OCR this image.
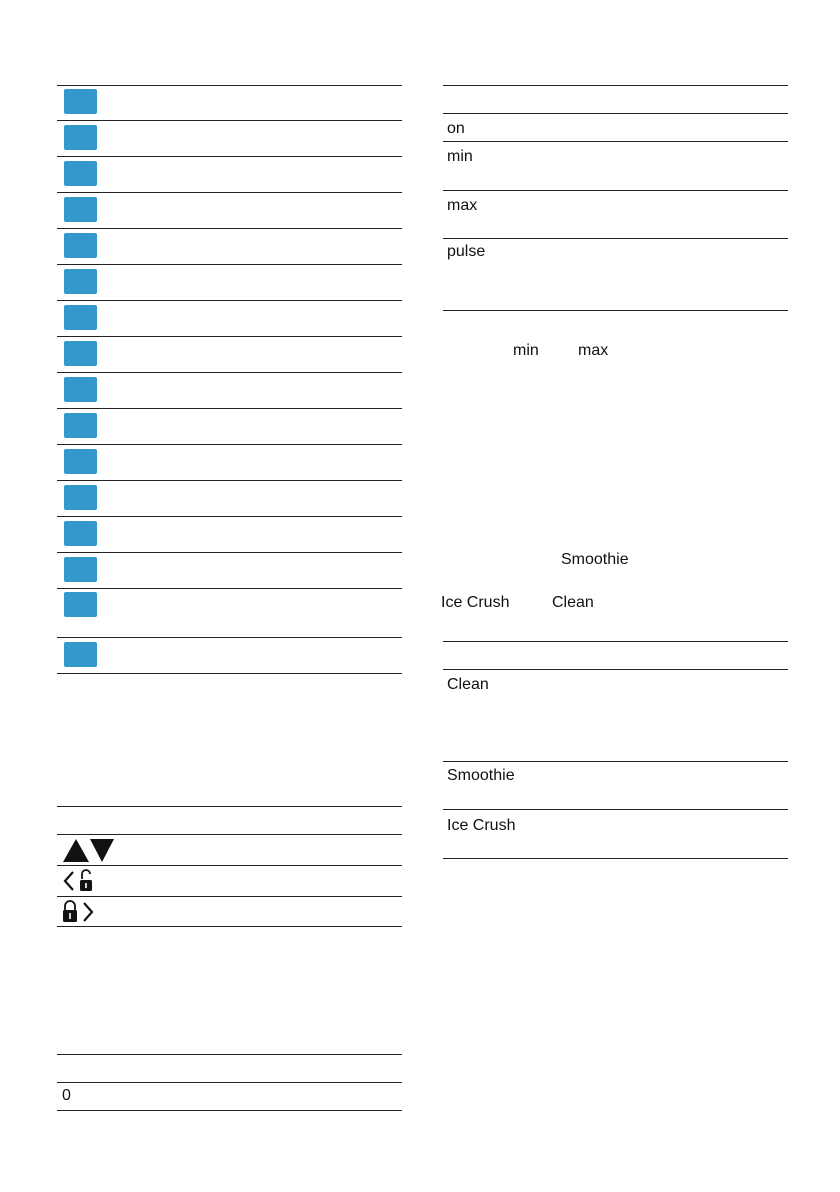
0
on
min
max
pulse
min max
Smoothie
Ice Crush	Clean
Clean
Smoothie
Ice Crush
